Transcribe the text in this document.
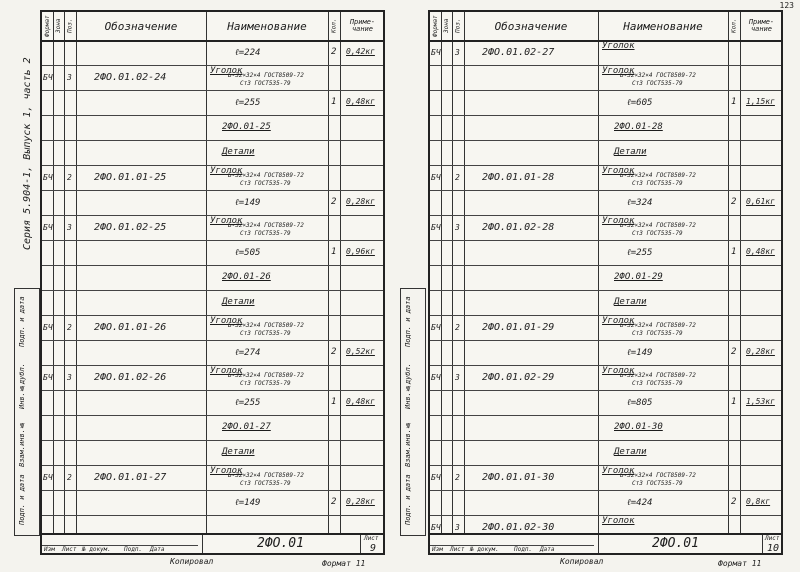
123
Серия 5.904-1, Выпуск 1, часть 2
Подп. и дата
Инв.№дубл.
Взам.инв.№
Подп. и дата
Подп. и дата
Инв.№дубл.
Взам.инв.№
Подп. и дата
Формат Зона Поз.	Обозначение	Наименование	Кол.	Приме-чание
ℓ=224	2 0,42кг
БЧ 3 2ФО.01.02-24
Уголок
Б-32×32×4 ГОСТ8509-72
Ст3 ГОСТ535-79
ℓ=255	1 0,48кг
2ФО.01-25
Детали
БЧ 2 2ФО.01.01-25
Уголок
Б-32×32×4 ГОСТ8509-72
Ст3 ГОСТ535-79
ℓ=149	2 0,28кг
БЧ 3 2ФО.01.02-25
Уголок
Б-32×32×4 ГОСТ8509-72
Ст3 ГОСТ535-79
ℓ=505	1 0,96кг
2ФО.01-26
Детали
БЧ 2 2ФО.01.01-26
Уголок
Б-32×32×4 ГОСТ8509-72
Ст3 ГОСТ535-79
ℓ=274	2 0,52кг
БЧ 3 2ФО.01.02-26
Уголок
Б-32×32×4 ГОСТ8509-72
Ст3 ГОСТ535-79
ℓ=255	1 0,48кг
2ФО.01-27
Детали
БЧ 2 2ФО.01.01-27
Уголок
Б-32×32×4 ГОСТ8509-72
Ст3 ГОСТ535-79
ℓ=149	2 0,28кг
Формат Зона Поз.	Обозначение	Наименование	Кол.	Приме-чание
БЧ 3 2ФО.01.02-27
Уголок
Уголок
Б-32×32×4 ГОСТ8509-72
Ст3 ГОСТ535-79
ℓ=605	1 1,15кг
2ФО.01-28
Детали
БЧ 2 2ФО.01.01-28
Уголок
Б-32×32×4 ГОСТ8509-72
Ст3 ГОСТ535-79
ℓ=324	2 0,61кг
БЧ 3 2ФО.01.02-28
Уголок
Б-32×32×4 ГОСТ8509-72
Ст3 ГОСТ535-79
ℓ=255	1 0,48кг
2ФО.01-29
Детали
БЧ 2 2ФО.01.01-29
Уголок
Б-32×32×4 ГОСТ8509-72
Ст3 ГОСТ535-79
ℓ=149	2 0,28кг
БЧ 3 2ФО.01.02-29
Уголок
Б-32×32×4 ГОСТ8509-72
Ст3 ГОСТ535-79
ℓ=805	1 1,53кг
2ФО.01-30
Детали
БЧ 2 2ФО.01.01-30
Уголок
Б-32×32×4 ГОСТ8509-72
Ст3 ГОСТ535-79
ℓ=424	2 0,8кг
БЧ 3 2ФО.01.02-30
Уголок
Изм Лист № докум. Подп. Дата	2ФО.01	Лист
9	Изм Лист № докум.	Подп. Дата	2ФО.01	Лист
10
Копировал	Формат 11	Копировал	Формат 11
